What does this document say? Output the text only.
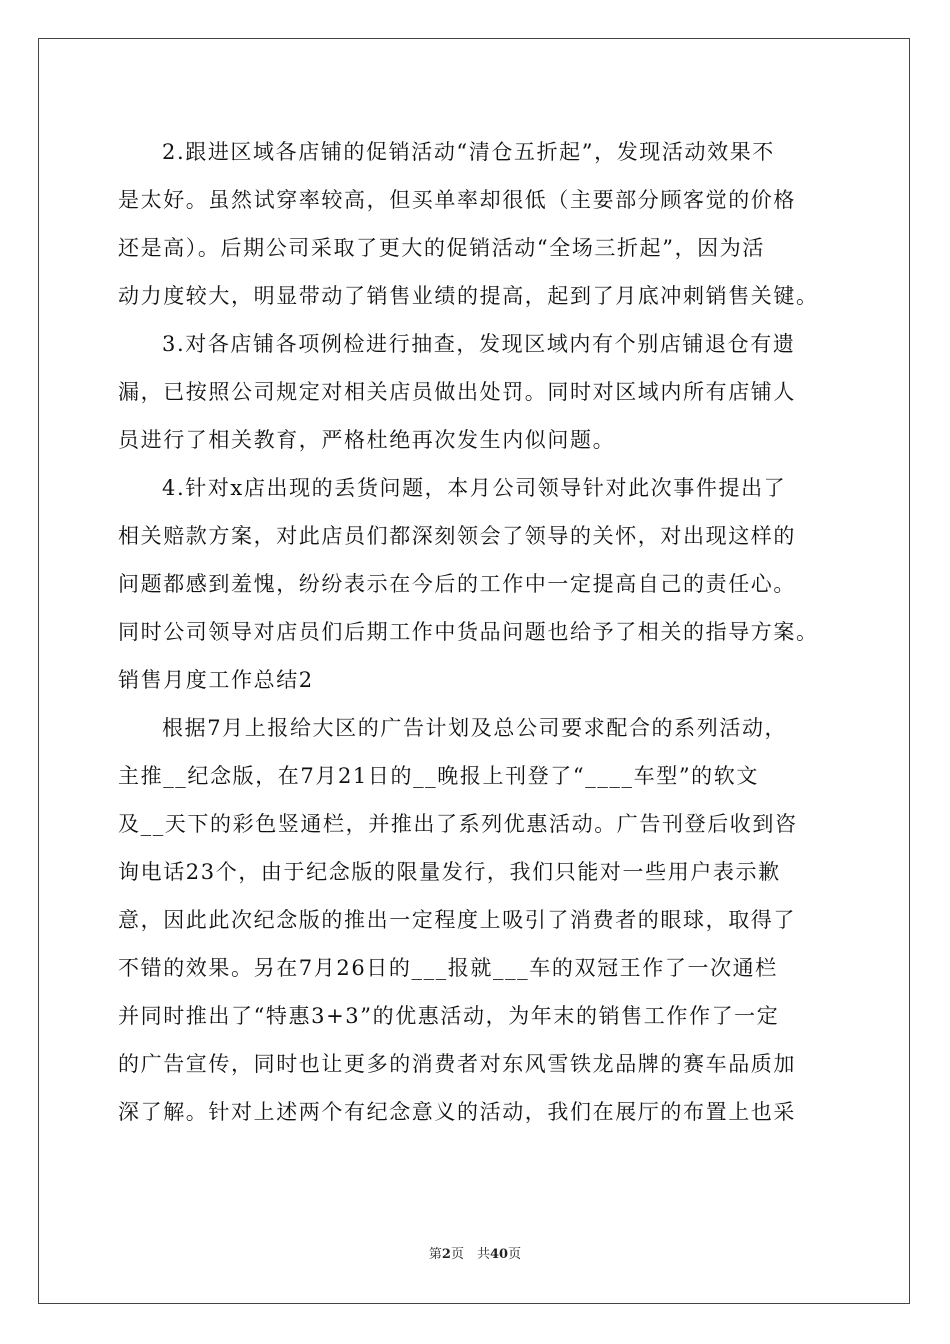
2.跟进区域各店铺的促销活动“清仓五折起”，发现活动效果不
是太好。虽然试穿率较高，但买单率却很低（主要部分顾客觉的价格
还是高）。后期公司采取了更大的促销活动“全场三折起”，因为活
动力度较大，明显带动了销售业绩的提高，起到了月底冲刺销售关键。
3.对各店铺各项例检进行抽查，发现区域内有个别店铺退仓有遗
漏，已按照公司规定对相关店员做出处罚。同时对区域内所有店铺人
员进行了相关教育，严格杜绝再次发生内似问题。
4.针对x店出现的丢货问题，本月公司领导针对此次事件提出了
相关赔款方案，对此店员们都深刻领会了领导的关怀，对出现这样的
问题都感到羞愧，纷纷表示在今后的工作中一定提高自己的责任心。
同时公司领导对店员们后期工作中货品问题也给予了相关的指导方案。
销售月度工作总结2
根据7月上报给大区的广告计划及总公司要求配合的系列活动，
主推__纪念版，在7月21日的__晚报上刊登了“____车型”的软文
及__天下的彩色竖通栏，并推出了系列优惠活动。广告刊登后收到咨
询电话23个，由于纪念版的限量发行，我们只能对一些用户表示歉
意，因此此次纪念版的推出一定程度上吸引了消费者的眼球，取得了
不错的效果。另在7月26日的___报就___车的双冠王作了一次通栏
并同时推出了“特惠3+3”的优惠活动，为年末的销售工作作了一定
的广告宣传，同时也让更多的消费者对东风雪铁龙品牌的赛车品质加
深了解。针对上述两个有纪念意义的活动，我们在展厅的布置上也采
第2页　共40页
